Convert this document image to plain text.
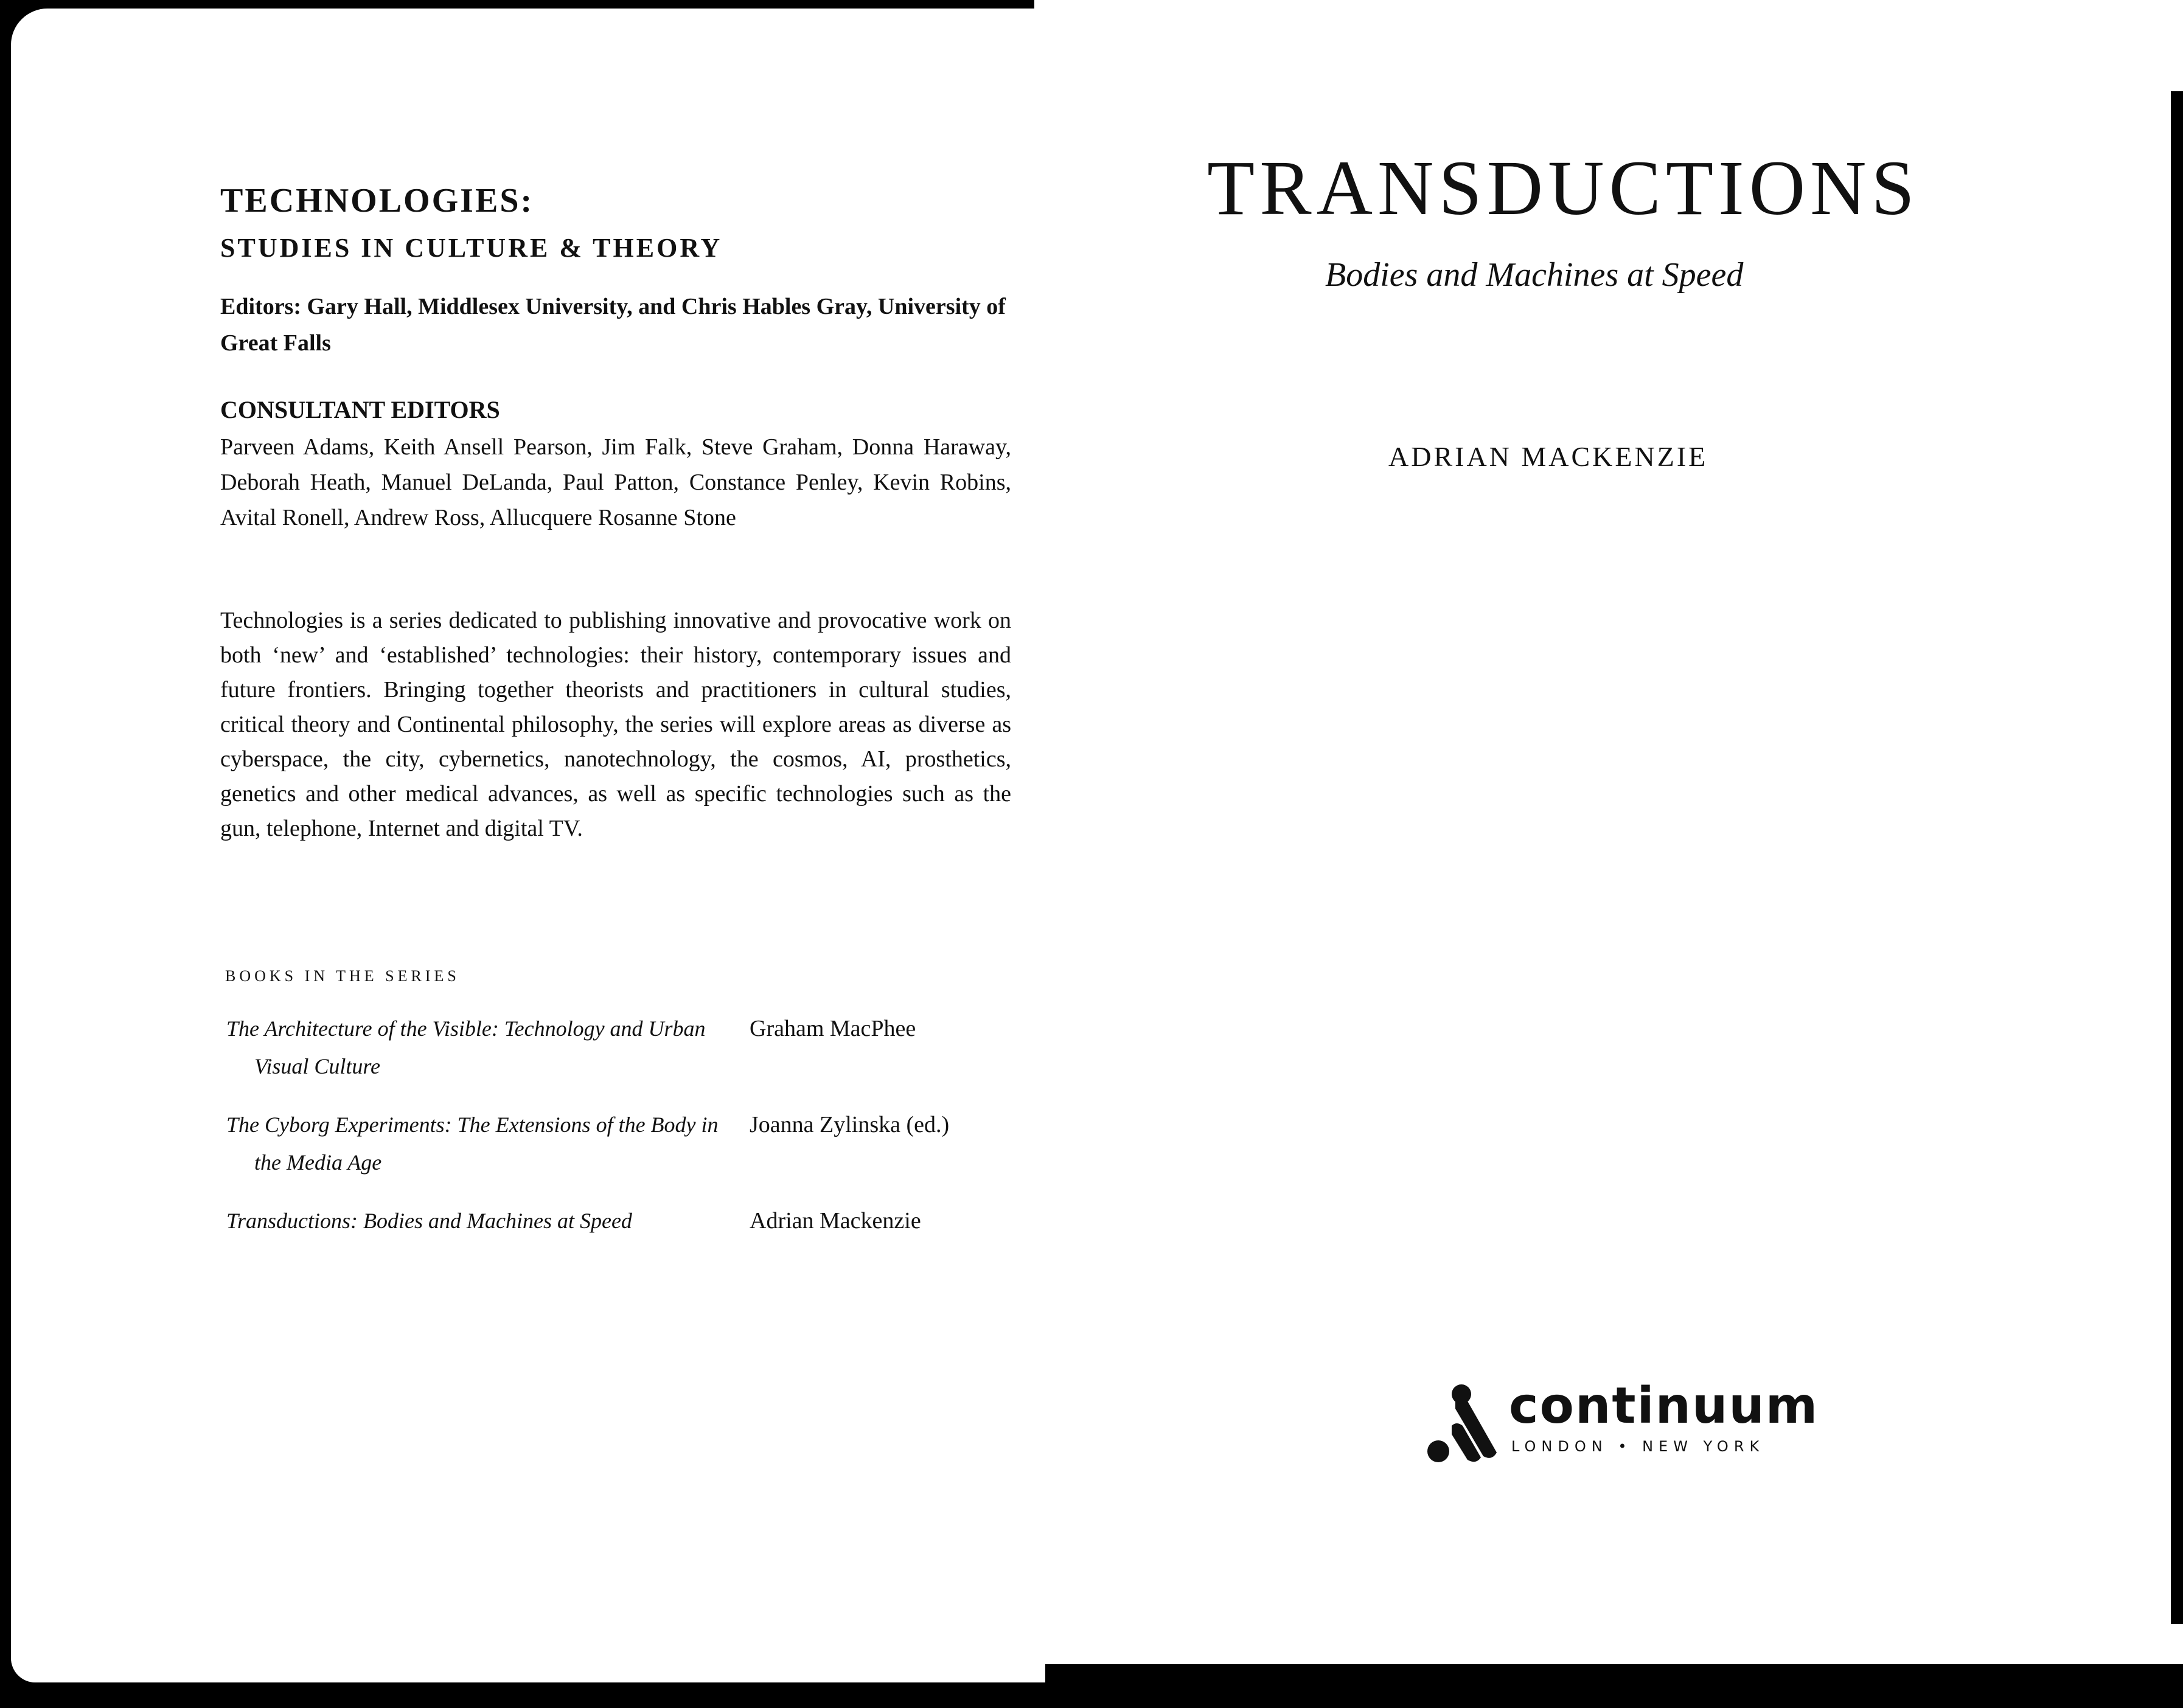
TECHNOLOGIES:
STUDIES IN CULTURE & THEORY
Editors: Gary Hall, Middlesex University, and Chris Hables Gray, University of Great Falls
CONSULTANT EDITORS
Parveen Adams, Keith Ansell Pearson, Jim Falk, Steve Graham, Donna Haraway, Deborah Heath, Manuel DeLanda, Paul Patton, Constance Penley, Kevin Robins, Avital Ronell, Andrew Ross, Allucquere Rosanne Stone
Technologies is a series dedicated to publishing innovative and provocative work on both ‘new’ and ‘established’ technologies: their history, contemporary issues and future frontiers. Bringing together theorists and practitioners in cultural studies, critical theory and Continental philosophy, the series will explore areas as diverse as cyberspace, the city, cybernetics, nanotechnology, the cosmos, AI, prosthetics, genetics and other medical advances, as well as specific technologies such as the gun, telephone, Internet and digital TV.
BOOKS IN THE SERIES
The Architecture of the Visible: Technology and Urban Visual Culture
Graham MacPhee
The Cyborg Experiments: The Extensions of the Body in the Media Age
Joanna Zylinska (ed.)
Transductions: Bodies and Machines at Speed	Adrian Mackenzie
TRANSDUCTIONS
Bodies and Machines at Speed
ADRIAN MACKENZIE
continuum
LONDON • NEW YORK
